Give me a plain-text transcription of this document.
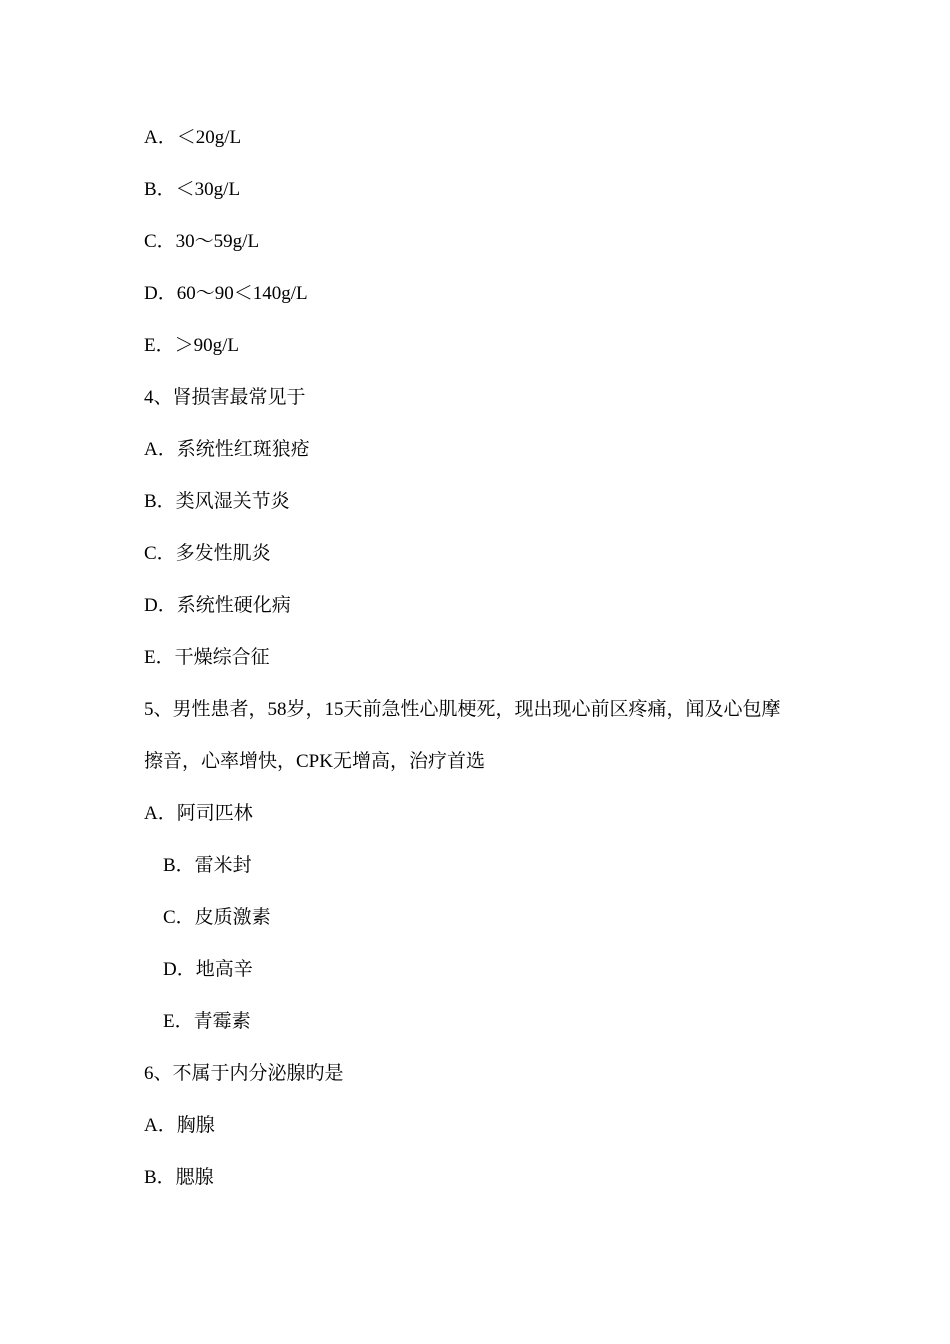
A．＜20g/L
B．＜30g/L
C．30～59g/L
D．60～90＜140g/L
E．＞90g/L
4、肾损害最常见于
A．系统性红斑狼疮
B．类风湿关节炎
C．多发性肌炎
D．系统性硬化病
E．干燥综合征
5、男性患者，58岁，15天前急性心肌梗死，现出现心前区疼痛，闻及心包摩
擦音，心率增快，CPK无增高，治疗首选
A．阿司匹林
B．雷米封
C．皮质激素
D．地高辛
E．青霉素
6、不属于内分泌腺旳是
A．胸腺
B．腮腺
